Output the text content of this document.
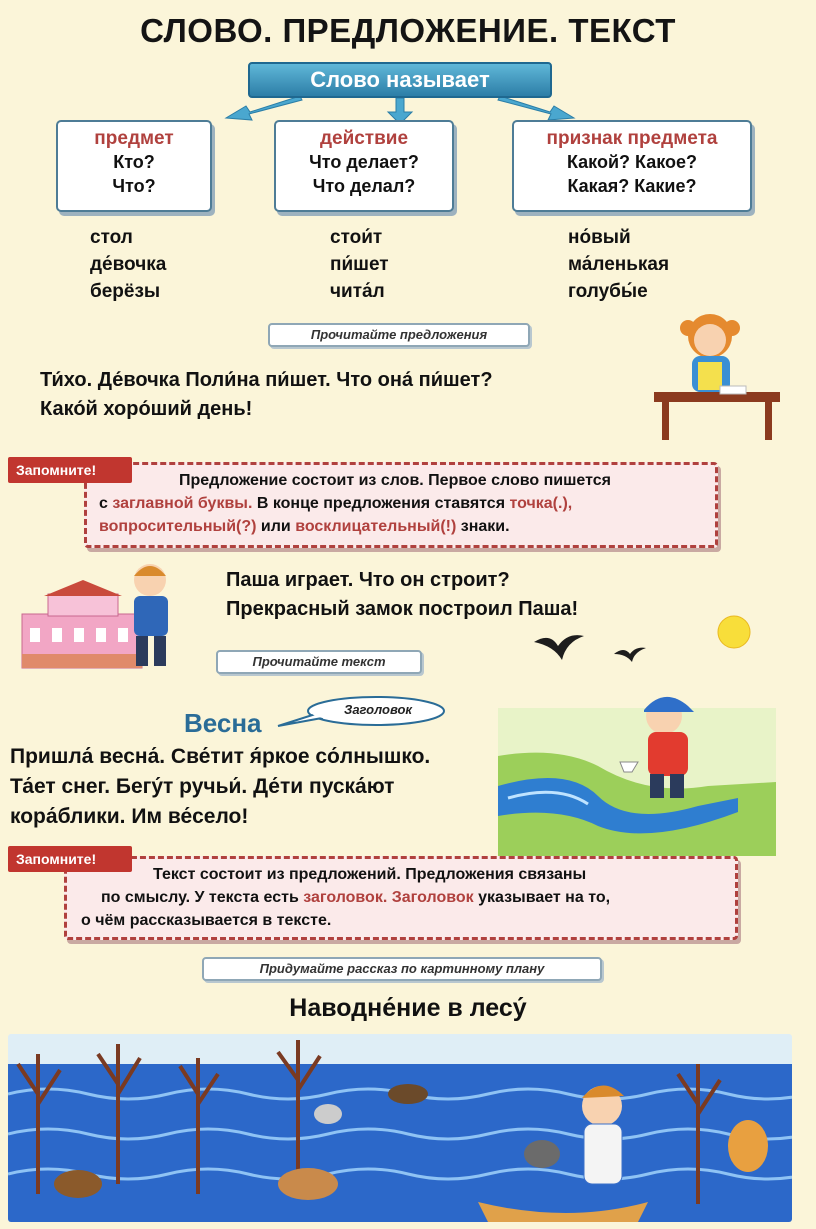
СЛОВО. ПРЕДЛОЖЕНИЕ. ТЕКСТ
Слово называет
предмет
Кто?
Что?
действие
Что делает?
Что делал?
признак предмета
Какой? Какое?
Какая? Какие?
стол
де́вочка
берёзы
стои́т
пи́шет
чита́л
но́вый
ма́ленькая
голубы́е
Прочитайте предложения
Ти́хо. Де́вочка Поли́на пи́шет. Что она́ пи́шет?
Како́й хоро́ший день!
Предложение состоит из слов. Первое слово пишется
с заглавной буквы. В конце предложения ставятся точка(.),
вопросительный(?) или восклицательный(!) знаки.
Запомните!
Паша играет. Что он строит?
Прекрасный замок построил Паша!
Прочитайте текст
Весна	Заголовок
Пришла́ весна́. Све́тит я́ркое со́лнышко.
Та́ет снег. Бегу́т ручьи́. Де́ти пуска́ют
кора́блики. Им ве́село!
Текст состоит из предложений. Предложения связаны
по смыслу. У текста есть заголовок. Заголовок указывает на то,
о чём рассказывается в тексте.
Запомните!
Придумайте рассказ по картинному плану
Наводне́ние в лесу́
